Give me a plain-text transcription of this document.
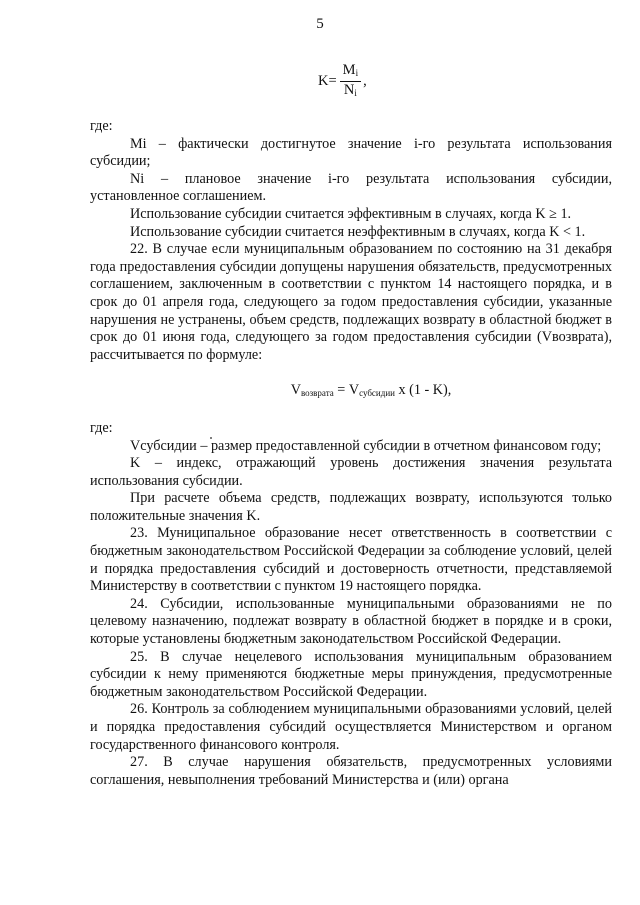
5
$K = \frac{M_i}{N_i}$ ,

где:

Mi – фактически достигнутое значение i-го результата использования субсидии;

Ni – плановое значение i-го результата использования субсидии, установленное соглашением.

Использование субсидии считается эффективным в случаях, когда K ≥ 1.

Использование субсидии считается неэффективным в случаях, когда K < 1.

22. В случае если муниципальным образованием по состоянию на 31 декабря года предоставления субсидии допущены нарушения обязательств, предусмотренных соглашением, заключенным в соответствии с пунктом 14 настоящего порядка, и в срок до 01 апреля года, следующего за годом предоставления субсидии, указанные нарушения не устранены, объем средств, подлежащих возврату в областной бюджет в срок до 01 июня года, следующего за годом предоставления субсидии (Vвозврата), рассчитывается по формуле:

$V_{возврата} = V_{субсидии}$ x (1 - K),

где:

Vсубсидии – размер предоставленной субсидии в отчетном финансовом году;

K – индекс, отражающий уровень достижения значения результата использования субсидии.

При расчете объема средств, подлежащих возврату, используются только положительные значения K.

23. Муниципальное образование несет ответственность в соответствии с бюджетным законодательством Российской Федерации за соблюдение условий, целей и порядка предоставления субсидий и достоверность отчетности, представляемой Министерству в соответствии с пунктом 19 настоящего порядка.

24. Субсидии, использованные муниципальными образованиями не по целевому назначению, подлежат возврату в областной бюджет в порядке и в сроки, которые установлены бюджетным законодательством Российской Федерации.

25. В случае нецелевого использования муниципальным образованием субсидии к нему применяются бюджетные меры принуждения, предусмотренные бюджетным законодательством Российской Федерации.

26. Контроль за соблюдением муниципальными образованиями условий, целей и порядка предоставления субсидий осуществляется Министерством и органом государственного финансового контроля.

27. В случае нарушения обязательств, предусмотренных условиями соглашения, невыполнения требований Министерства и (или) органа
